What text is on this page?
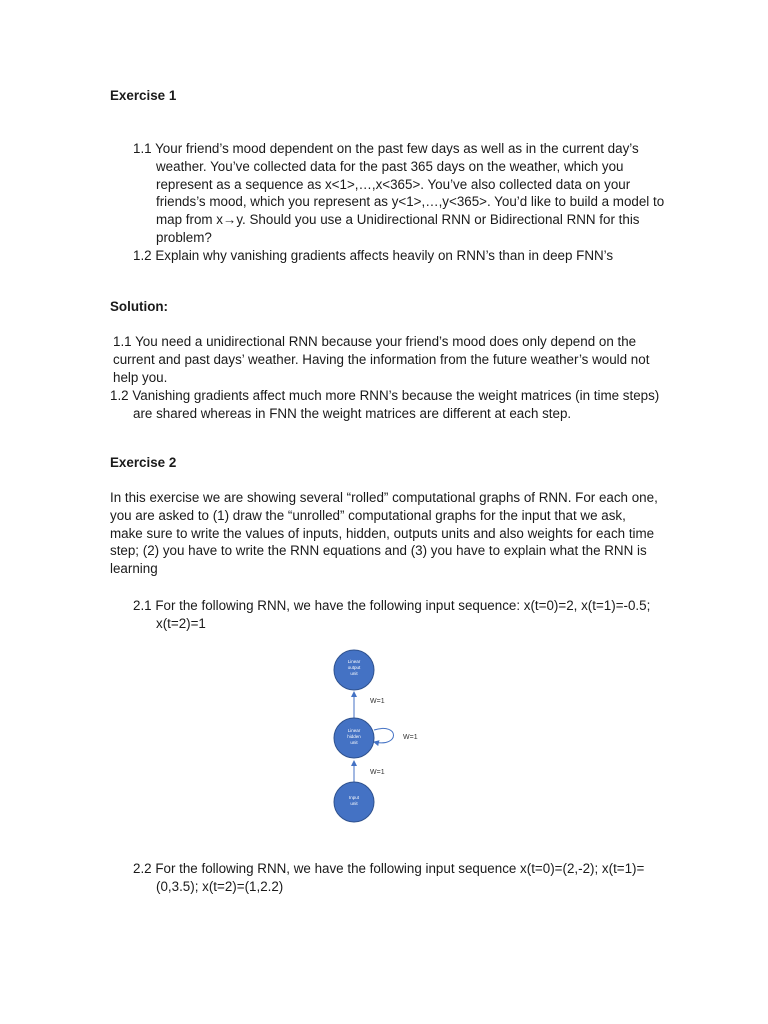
Exercise 1
1.1 Your friend’s mood dependent on the past few days as well as in the current day’s weather. You’ve collected data for the past 365 days on the weather, which you represent as a sequence as x<1>,…,x<365>. You’ve also collected data on your friends’s mood, which you represent as y<1>,…,y<365>. You’d like to build a model to map from x→y. Should you use a Unidirectional RNN or Bidirectional RNN for this problem?
1.2 Explain why vanishing gradients affects heavily on RNN’s than in deep FNN’s
Solution:
1.1 You need a unidirectional RNN because your friend’s mood does only depend on the current and past days’ weather. Having the information from the future weather’s would not help you.
1.2 Vanishing gradients affect much more RNN’s because the weight matrices (in time steps) are shared whereas in FNN the weight matrices are different at each step.
Exercise 2
In this exercise we are showing several “rolled” computational graphs of RNN. For each one, you are asked to (1) draw the “unrolled” computational graphs for the input that we ask, make sure to write the values of inputs, hidden, outputs units and also weights for each time step; (2) you have to write the RNN equations and (3) you have to explain what the RNN is learning
2.1 For the following RNN, we have the following input sequence: x(t=0)=2, x(t=1)=-0.5; x(t=2)=1
Linear
output
unit
Linear
hidden
unit
Input
unit
W=1
W=1
W=1
2.2 For the following RNN, we have the following input sequence x(t=0)=(2,-2); x(t=1)=(0,3.5); x(t=2)=(1,2.2)
